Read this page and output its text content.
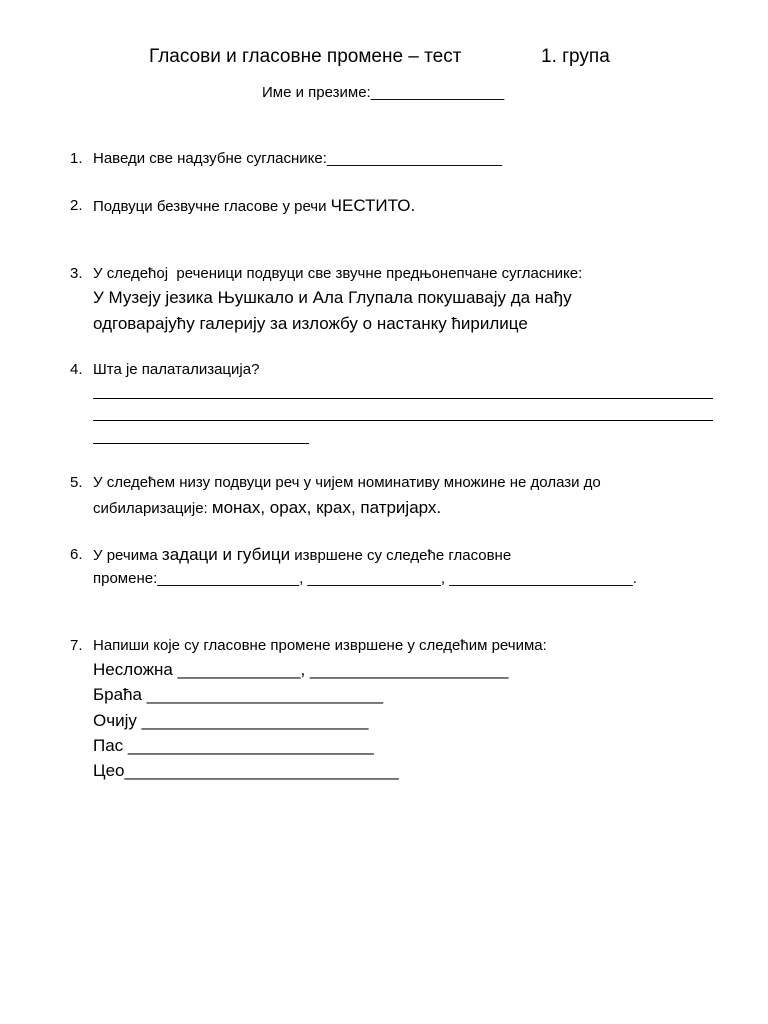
Гласови и гласовне промене – тест	1. група
Име и презиме:________________
1. Наведи све надзубне сугласнике:_____________________
2. Подвуци безвучне гласове у речи ЧЕСТИТО.
3. У следећој  реченици подвуци све звучне предњонепчане сугласнике:
У Музеју језика Њушкало и Ала Глупала покушавају да нађу
одговарајућу галерију за изложбу о настанку ћирилице
4. Шта је палатализација?
5. У следећем низу подвуци реч у чијем номинативу множине не долази до
сибиларизације: монах, орах, крах, патријарх.
6. У речима задаци и губици извршене су следеће гласовне
промене:_________________, ________________, ______________________.
7. Напиши које су гласовне промене извршене у следећим речима:
Несложна _____________, _____________________
Браћа _________________________
Очију ________________________
Пас __________________________
Цео_____________________________
